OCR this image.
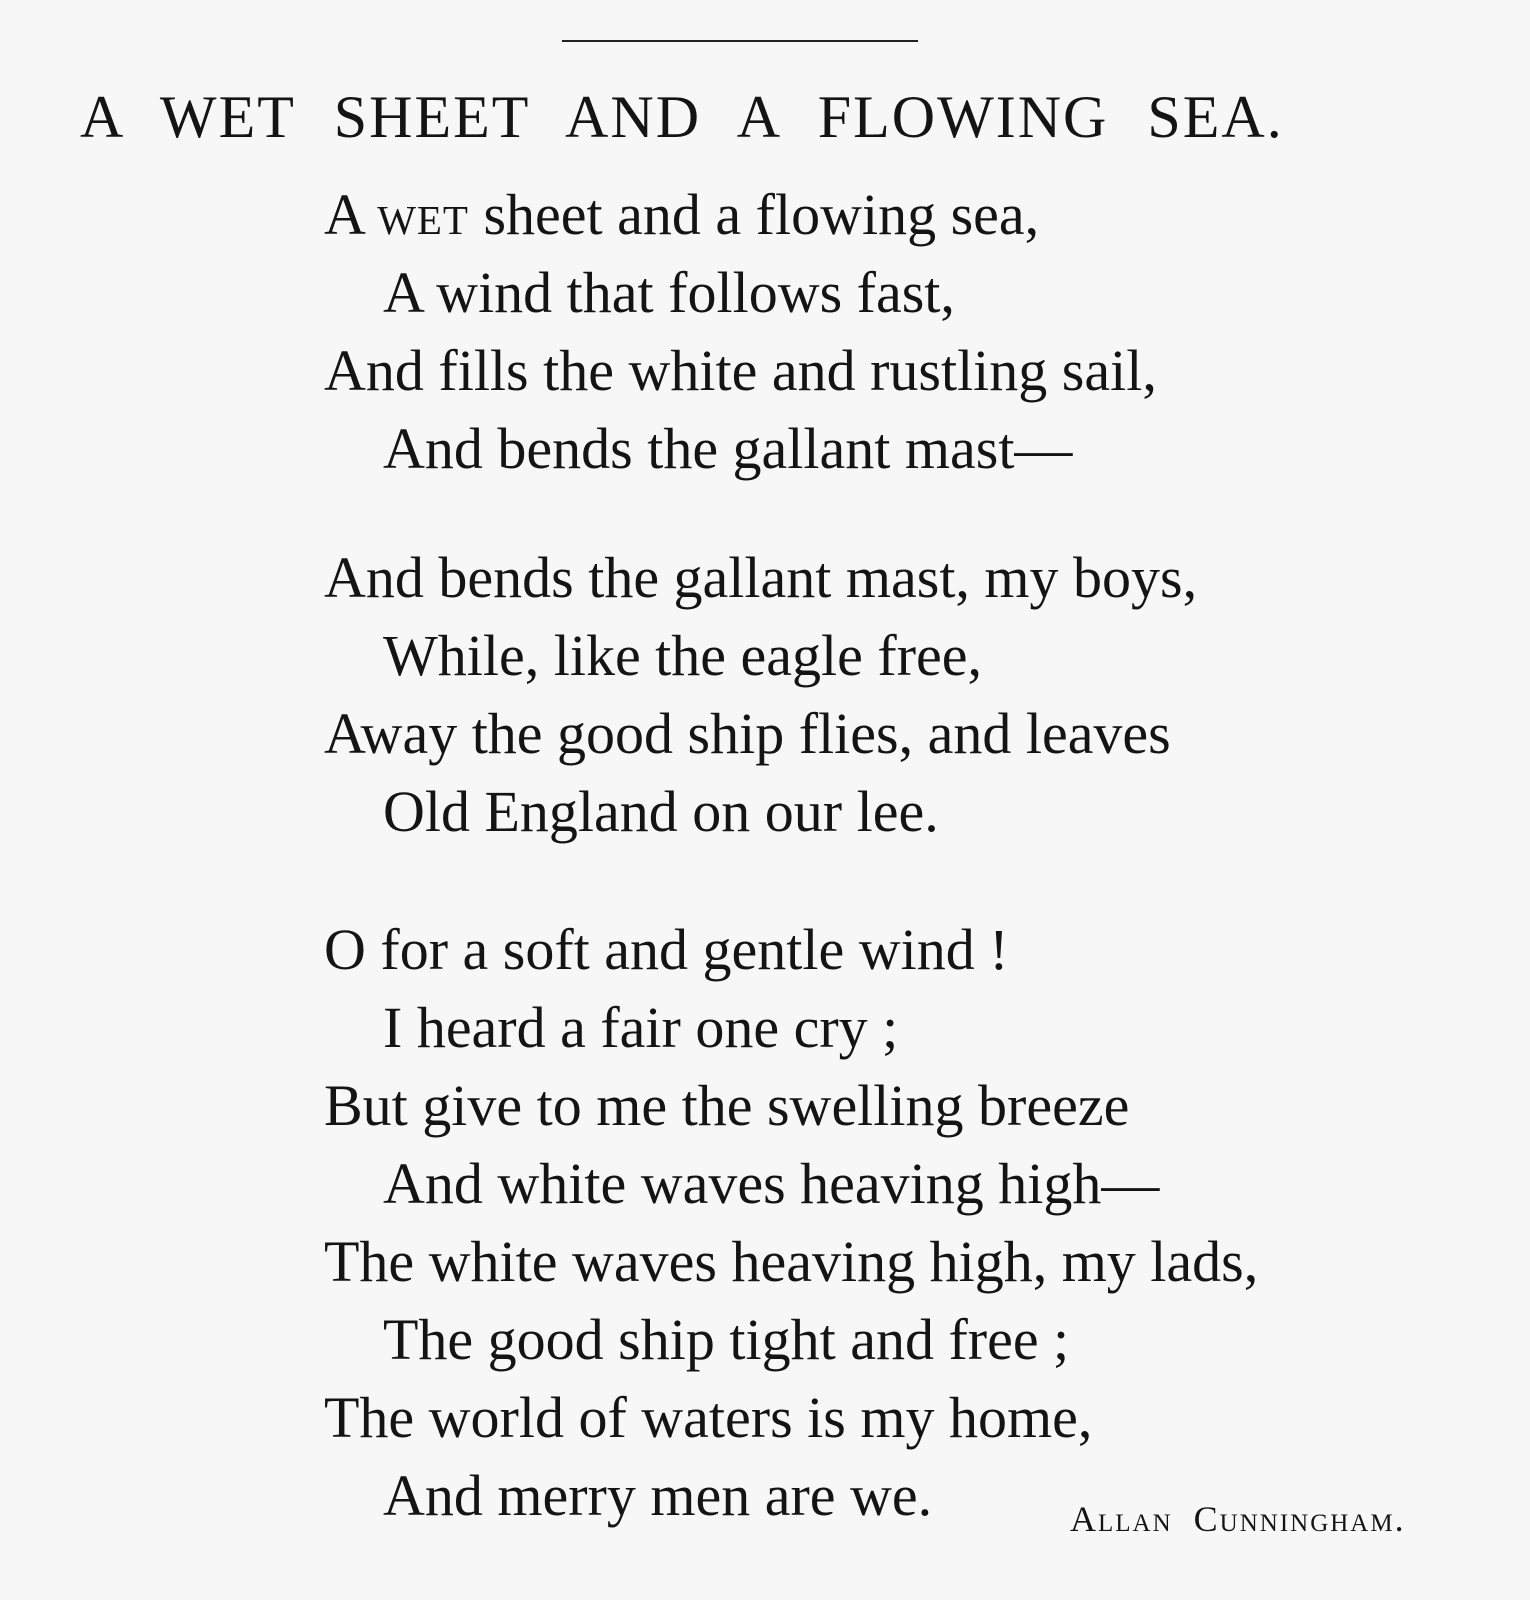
A WET SHEET AND A FLOWING SEA.
A wet sheet and a flowing sea,
A wind that follows fast,
And fills the white and rustling sail,
And bends the gallant mast—
And bends the gallant mast, my boys,
While, like the eagle free,
Away the good ship flies, and leaves
Old England on our lee.
O for a soft and gentle wind !
I heard a fair one cry ;
But give to me the swelling breeze
And white waves heaving high—
The white waves heaving high, my lads,
The good ship tight and free ;
The world of waters is my home,
And merry men are we.	Allan Cunningham.
